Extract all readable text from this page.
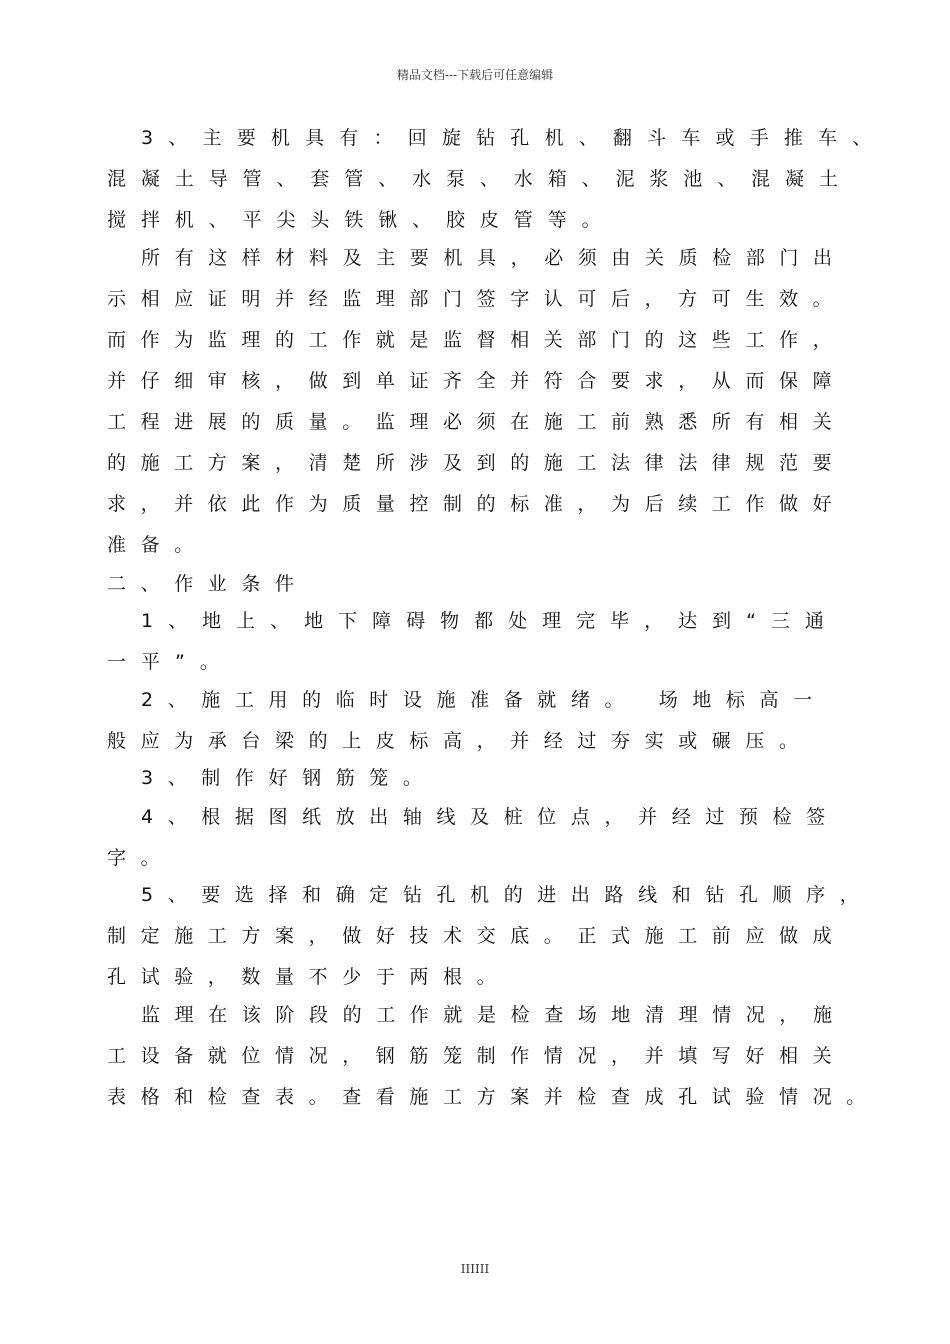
精品文档---下载后可任意编辑
3、主要机具有：回旋钻孔机、翻斗车或手推车、
混凝土导管、套管、水泵、水箱、泥浆池、混凝土
搅拌机、平尖头铁锹、胶皮管等。
所有这样材料及主要机具，必须由关质检部门出
示相应证明并经监理部门签字认可后，方可生效。
而作为监理的工作就是监督相关部门的这些工作，
并仔细审核，做到单证齐全并符合要求，从而保障
工程进展的质量。监理必须在施工前熟悉所有相关
的施工方案，清楚所涉及到的施工法律法律规范要
求，并依此作为质量控制的标准，为后续工作做好
准备。
二、作业条件
1、地上、地下障碍物都处理完毕，达到“三通
一平”。
2、施工用的临时设施准备就绪。 场地标高一
般应为承台梁的上皮标高，并经过夯实或碾压。
3、制作好钢筋笼。
4、根据图纸放出轴线及桩位点，并经过预检签
字。
5、要选择和确定钻孔机的进出路线和钻孔顺序，
制定施工方案，做好技术交底。正式施工前应做成
孔试验，数量不少于两根。
监理在该阶段的工作就是检查场地清理情况，施
工设备就位情况，钢筋笼制作情况，并填写好相关
表格和检查表。查看施工方案并检查成孔试验情况。
IIIIII
